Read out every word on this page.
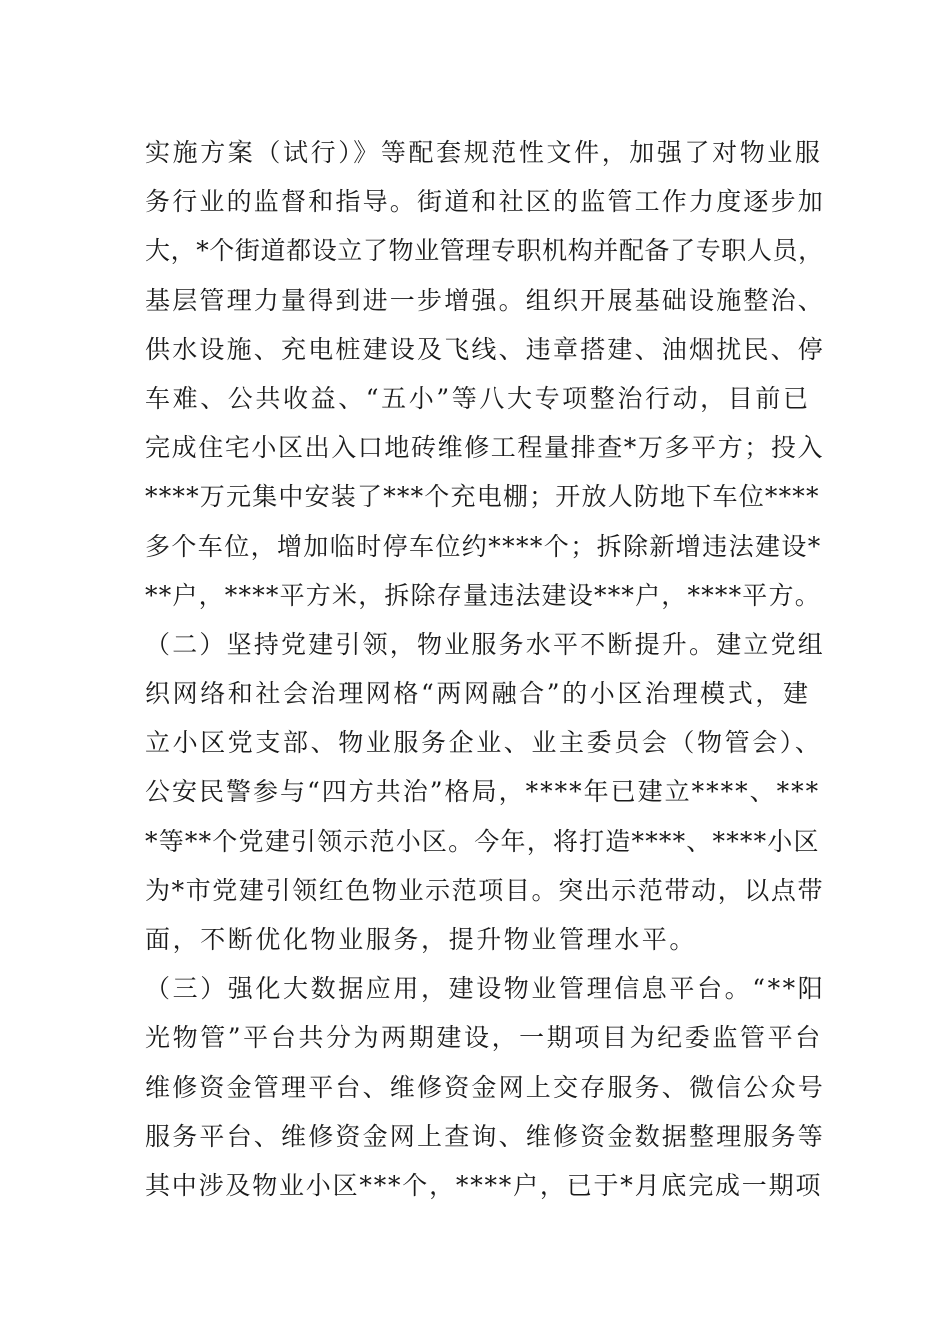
实施方案（试行）》等配套规范性文件，加强了对物业服
务行业的监督和指导。街道和社区的监管工作力度逐步加
大，*个街道都设立了物业管理专职机构并配备了专职人员，
基层管理力量得到进一步增强。组织开展基础设施整治、
供水设施、充电桩建设及飞线、违章搭建、油烟扰民、停
车难、公共收益、“五小”等八大专项整治行动，目前已
完成住宅小区出入口地砖维修工程量排查*万多平方；投入
****万元集中安装了***个充电棚；开放人防地下车位****
多个车位，增加临时停车位约****个；拆除新增违法建设*
**户，****平方米，拆除存量违法建设***户，****平方。
（二）坚持党建引领，物业服务水平不断提升。建立党组
织网络和社会治理网格“两网融合”的小区治理模式，建
立小区党支部、物业服务企业、业主委员会（物管会）、
公安民警参与“四方共治”格局，****年已建立****、***
*等**个党建引领示范小区。今年，将打造****、****小区
为*市党建引领红色物业示范项目。突出示范带动，以点带
面，不断优化物业服务，提升物业管理水平。
（三）强化大数据应用，建设物业管理信息平台。“**阳
光物管”平台共分为两期建设，一期项目为纪委监管平台
维修资金管理平台、维修资金网上交存服务、微信公众号
服务平台、维修资金网上查询、维修资金数据整理服务等
其中涉及物业小区***个，****户，已于*月底完成一期项
